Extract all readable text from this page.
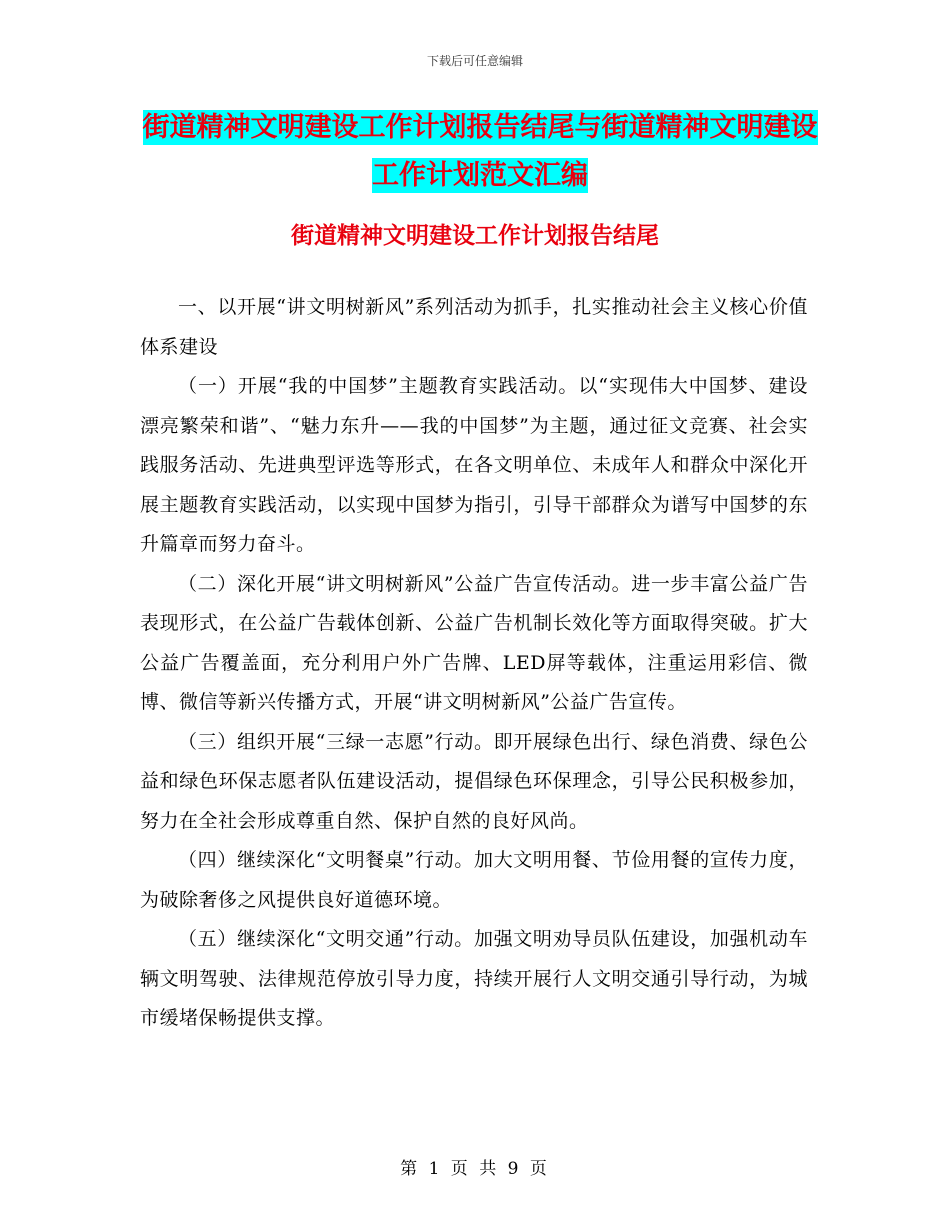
下载后可任意编辑
街道精神文明建设工作计划报告结尾与街道精神文明建设工作计划范文汇编
街道精神文明建设工作计划报告结尾

一、以开展“讲文明树新风”系列活动为抓手，扎实推动社会主义核心价值体系建设

（一）开展“我的中国梦”主题教育实践活动。以“实现伟大中国梦、建设漂亮繁荣和谐”、“魅力东升——我的中国梦”为主题，通过征文竞赛、社会实践服务活动、先进典型评选等形式，在各文明单位、未成年人和群众中深化开展主题教育实践活动，以实现中国梦为指引，引导干部群众为谱写中国梦的东升篇章而努力奋斗。

（二）深化开展“讲文明树新风”公益广告宣传活动。进一步丰富公益广告表现形式，在公益广告载体创新、公益广告机制长效化等方面取得突破。扩大公益广告覆盖面，充分利用户外广告牌、LED屏等载体，注重运用彩信、微博、微信等新兴传播方式，开展“讲文明树新风”公益广告宣传。

（三）组织开展“三绿一志愿”行动。即开展绿色出行、绿色消费、绿色公益和绿色环保志愿者队伍建设活动，提倡绿色环保理念，引导公民积极参加，努力在全社会形成尊重自然、保护自然的良好风尚。

（四）继续深化“文明餐桌”行动。加大文明用餐、节俭用餐的宣传力度，为破除奢侈之风提供良好道德环境。

（五）继续深化“文明交通”行动。加强文明劝导员队伍建设，加强机动车辆文明驾驶、法律规范停放引导力度，持续开展行人文明交通引导行动，为城市缓堵保畅提供支撑。

第 1 页 共 9 页
